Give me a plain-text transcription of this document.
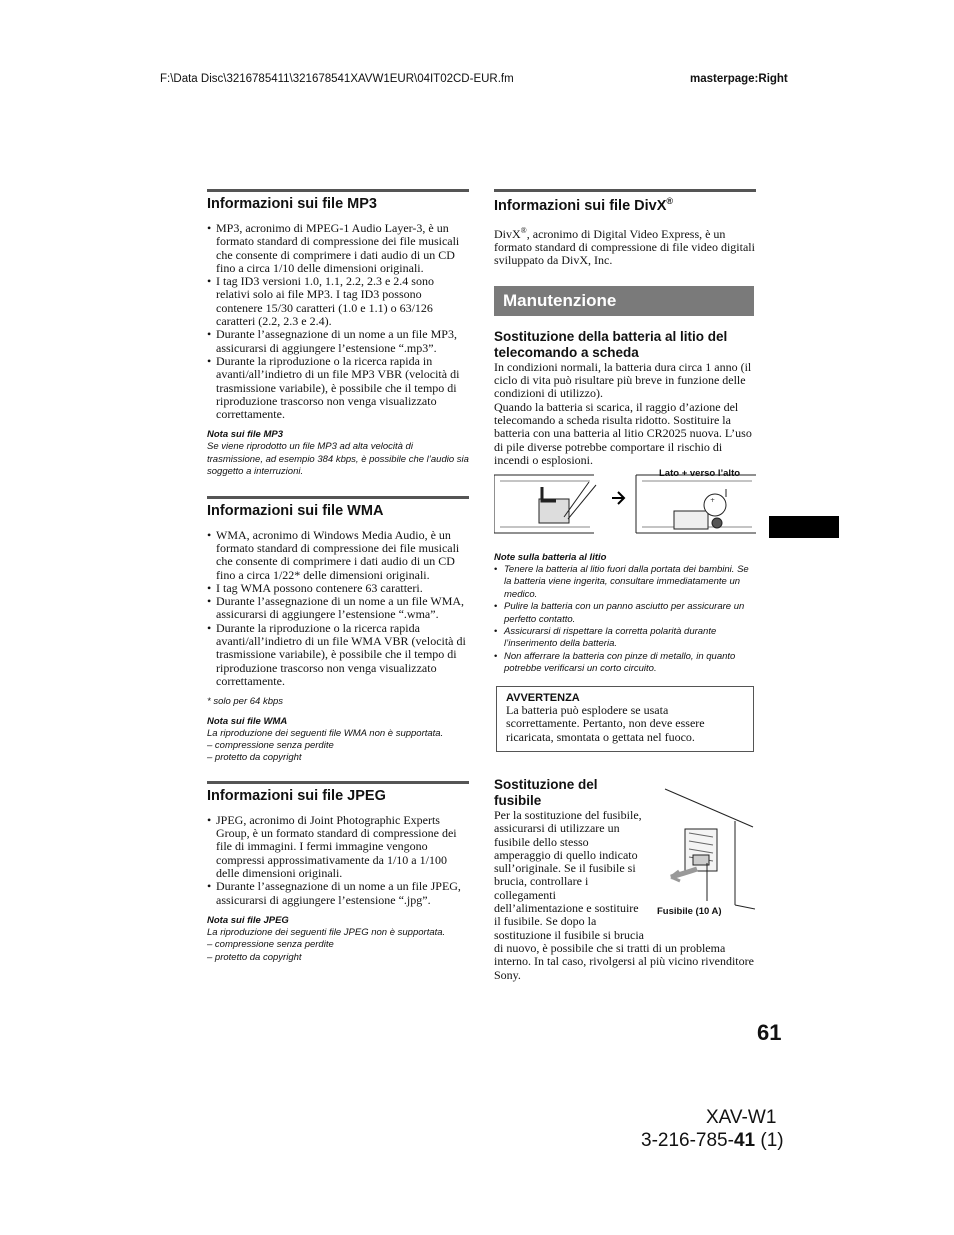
F:\Data Disc\3216785411\321678541XAVW1EUR\04IT02CD-EUR.fm	masterpage:Right
Informazioni sui file MP3
• MP3, acronimo di MPEG-1 Audio Layer-3, è un formato standard di compressione dei file musicali che consente di comprimere i dati audio di un CD fino a circa 1/10 delle dimensioni originali.
• I tag ID3 versioni 1.0, 1.1, 2.2, 2.3 e 2.4 sono relativi solo ai file MP3. I tag ID3 possono contenere 15/30 caratteri (1.0 e 1.1) o 63/126 caratteri (2.2, 2.3 e 2.4).
• Durante l’assegnazione di un nome a un file MP3, assicurarsi di aggiungere l’estensione “.mp3”.
• Durante la riproduzione o la ricerca rapida in avanti/all’indietro di un file MP3 VBR (velocità di trasmissione variabile), è possibile che il tempo di riproduzione trascorso non venga visualizzato correttamente.

Nota sui file MP3

Se viene riprodotto un file MP3 ad alta velocità di trasmissione, ad esempio 384 kbps, è possibile che l’audio sia soggetto a interruzioni.

Informazioni sui file WMA
• WMA, acronimo di Windows Media Audio, è un formato standard di compressione dei file musicali che consente di comprimere i dati audio di un CD fino a circa 1/22* delle dimensioni originali.
• I tag WMA possono contenere 63 caratteri.
• Durante l’assegnazione di un nome a un file WMA, assicurarsi di aggiungere l’estensione “.wma”.
• Durante la riproduzione o la ricerca rapida avanti/all’indietro di un file WMA VBR (velocità di trasmissione variabile), è possibile che il tempo di riproduzione trascorso non venga visualizzato correttamente.

* solo per 64 kbps

Nota sui file WMA

La riproduzione dei seguenti file WMA non è supportata.

– compressione senza perdite

– protetto da copyright

Informazioni sui file JPEG
• JPEG, acronimo di Joint Photographic Experts Group, è un formato standard di compressione dei file di immagini. I fermi immagine vengono compressi approssimativamente da 1/10 a 1/100 delle dimensioni originali.
• Durante l’assegnazione di un nome a un file JPEG, assicurarsi di aggiungere l’estensione “.jpg”.

Nota sui file JPEG

La riproduzione dei seguenti file JPEG non è supportata.

– compressione senza perdite

– protetto da copyright

Informazioni sui file DivX®

DivX®, acronimo di Digital Video Express, è un formato standard di compressione di file video digitali sviluppato da DivX, Inc.

Manutenzione
Sostituzione della batteria al litio del telecomando a scheda

In condizioni normali, la batteria dura circa 1 anno (il ciclo di vita può risultare più breve in funzione delle condizioni di utilizzo).

Quando la batteria si scarica, il raggio d’azione del telecomando a scheda risulta ridotto. Sostituire la batteria con una batteria al litio CR2025 nuova. L’uso di pile diverse potrebbe comportare il rischio di incendi o esplosioni.

+
Lato + verso l’alto

Note sulla batteria al litio

• Tenere la batteria al litio fuori dalla portata dei bambini. Se la batteria viene ingerita, consultare immediatamente un medico.
• Pulire la batteria con un panno asciutto per assicurare un perfetto contatto.
• Assicurarsi di rispettare la corretta polarità durante l’inserimento della batteria.
• Non afferrare la batteria con pinze di metallo, in quanto potrebbe verificarsi un corto circuito.

AVVERTENZA

La batteria può esplodere se usata scorrettamente. Pertanto, non deve essere ricaricata, smontata o gettata nel fuoco.

Sostituzione del fusibile
Per la sostituzione del fusibile,
assicurarsi di utilizzare un
fusibile dello stesso
amperaggio di quello indicato
sull’originale. Se il fusibile si
brucia, controllare i
collegamenti
dell’alimentazione e sostituire
il fusibile. Se dopo la
sostituzione il fusibile si brucia

di nuovo, è possibile che si tratti di un problema interno. In tal caso, rivolgersi al più vicino rivenditore Sony.

Fusibile (10 A)
61
XAV-W1
3-216-785-41 (1)
